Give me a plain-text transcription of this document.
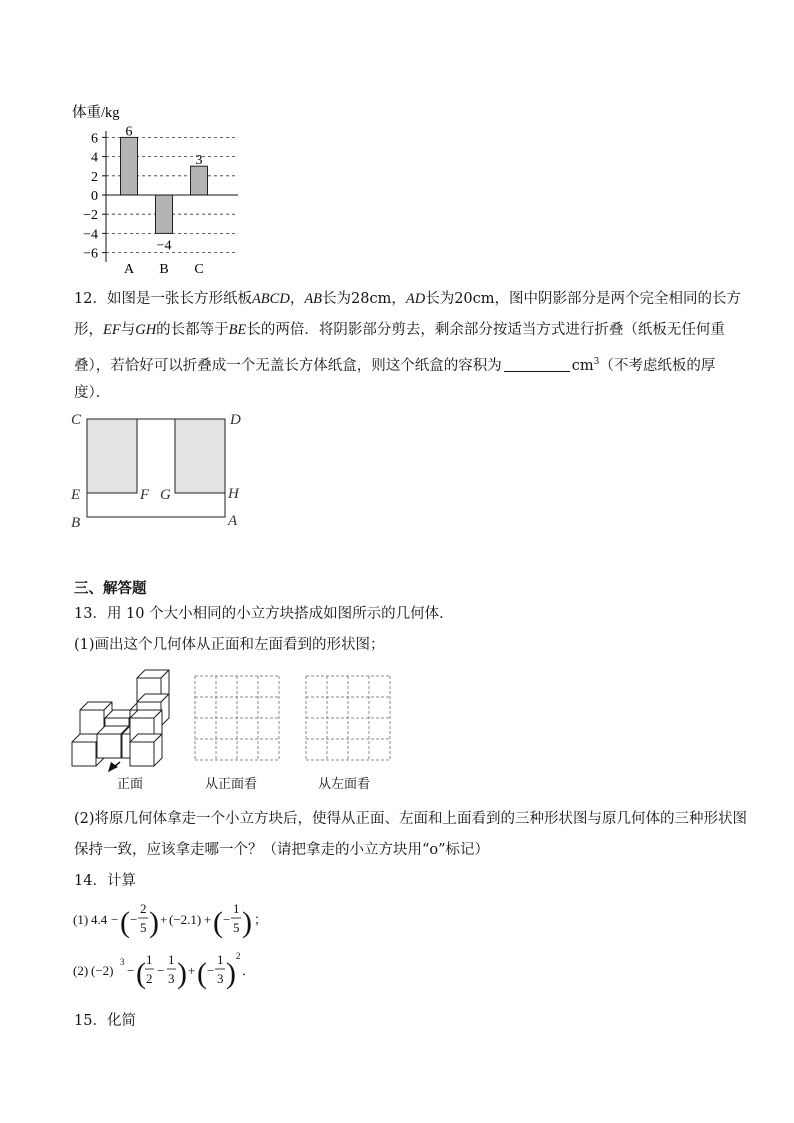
体重/kg
6
−4
3
6
4
2
0
−2
−4
−6
A B C
12．如图是一张长方形纸板ABCD，AB长为28cm，AD长为20cm，图中阴影部分是两个完全相同的长方
形，EF与GH的长都等于BE长的两倍．将阴影部分剪去，剩余部分按适当方式进行折叠（纸板无任何重
叠），若恰好可以折叠成一个无盖长方体纸盒，则这个纸盒的容积为	$cm^3$（不考虑纸板的厚
度）．
C	D
E	F G	H
B	A
三、解答题
13．用 10 个大小相同的小立方块搭成如图所示的几何体．
(1)画出这个几何体从正面和左面看到的形状图；
正面	从正面看	从左面看
(2)将原几何体拿走一个小立方块后，使得从正面、左面和上面看到的三种形状图与原几何体的三种形状图
保持一致，应该拿走哪一个？（请把拿走的小立方块用“o”标记）
14．计算
(1) 4.4 − ( −
2
5 ) + (−2.1) + ( −
1
5 ) ；
(2) (−2)
3
− ( 1
2
−
1
3 ) + ( −
1
3 )
2
．
15．化简
